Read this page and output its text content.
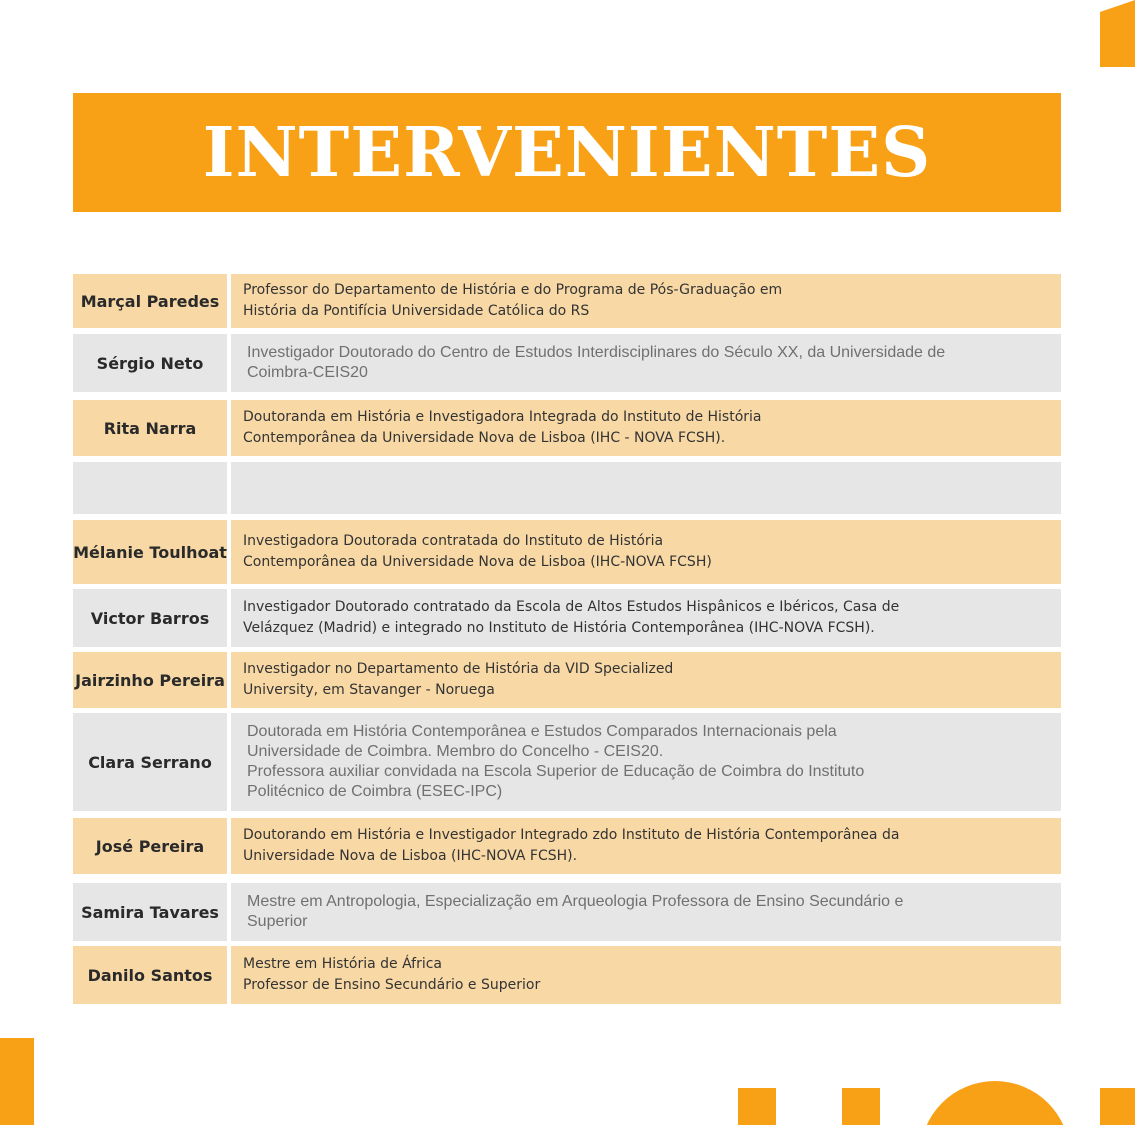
INTERVENIENTES
Marçal Paredes
Professor do Departamento de História e do Programa de Pós-Graduação em
História da Pontifícia Universidade Católica do RS
Sérgio Neto
Investigador Doutorado do Centro de Estudos Interdisciplinares do Século XX, da Universidade de
Coimbra-CEIS20
Rita Narra
Doutoranda em História e Investigadora Integrada do Instituto de História
Contemporânea da Universidade Nova de Lisboa (IHC - NOVA FCSH).
Mélanie Toulhoat
Investigadora Doutorada contratada do Instituto de História
Contemporânea da Universidade Nova de Lisboa (IHC-NOVA FCSH)
Victor Barros
Investigador Doutorado contratado da Escola de Altos Estudos Hispânicos e Ibéricos, Casa de
Velázquez (Madrid) e integrado no Instituto de História Contemporânea (IHC-NOVA FCSH).
Jairzinho Pereira
Investigador no Departamento de História da VID Specialized
University, em Stavanger - Noruega
Clara Serrano
Doutorada em História Contemporânea e Estudos Comparados Internacionais pela
Universidade de Coimbra. Membro do Concelho - CEIS20.
Professora auxiliar convidada na Escola Superior de Educação de Coimbra do Instituto
Politécnico de Coimbra (ESEC-IPC)
José Pereira
Doutorando em História e Investigador Integrado zdo Instituto de História Contemporânea da
Universidade Nova de Lisboa (IHC-NOVA FCSH).
Samira Tavares
Mestre em Antropologia, Especialização em Arqueologia Professora de Ensino Secundário e
Superior
Danilo Santos
Mestre em História de África
Professor de Ensino Secundário e Superior
